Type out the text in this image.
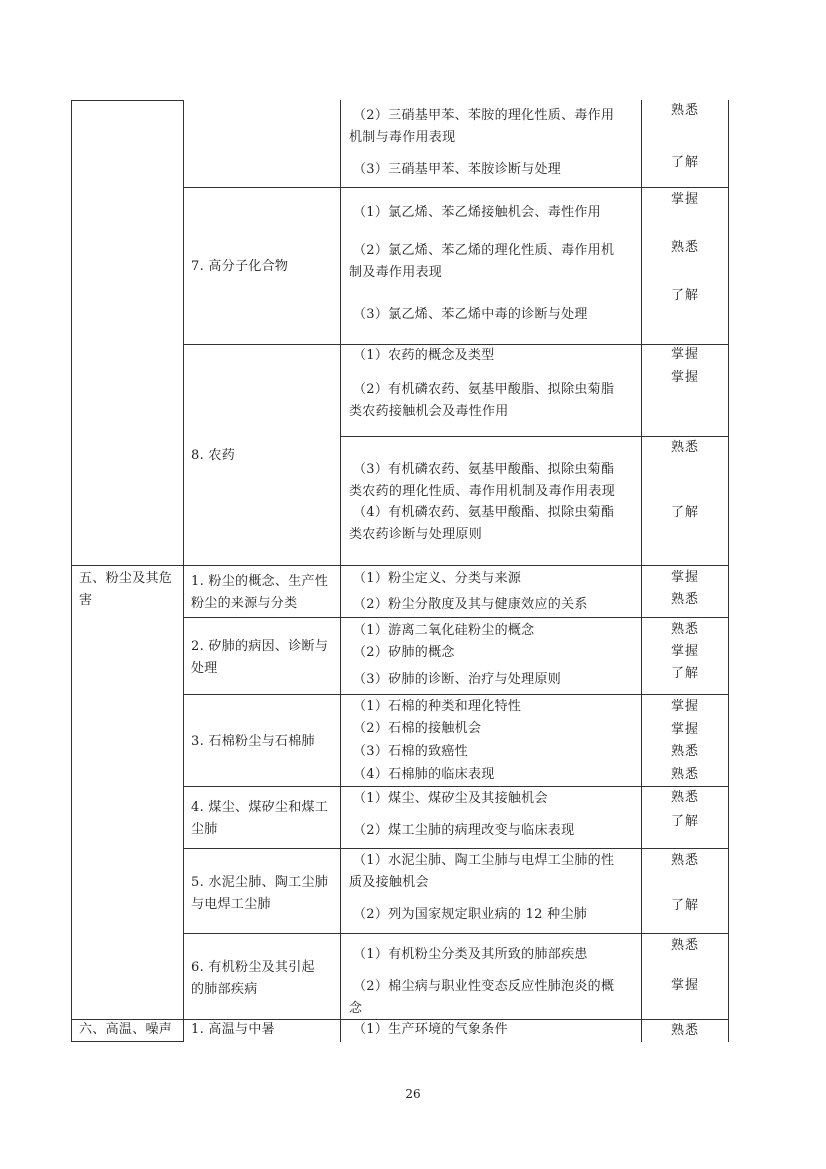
（2）三硝基甲苯、苯胺的理化性质、毒作用
机制与毒作用表现
（3）三硝基甲苯、苯胺诊断与处理
熟悉
了解
7. 高分子化合物
（1）氯乙烯、苯乙烯接触机会、毒性作用
（2）氯乙烯、苯乙烯的理化性质、毒作用机
制及毒作用表现
（3）氯乙烯、苯乙烯中毒的诊断与处理
掌握
熟悉
了解
8. 农药
（1）农药的概念及类型
（2）有机磷农药、氨基甲酸脂、拟除虫菊脂
类农药接触机会及毒性作用
掌握
掌握
（3）有机磷农药、氨基甲酸酯、拟除虫菊酯
类农药的理化性质、毒作用机制及毒作用表现
（4）有机磷农药、氨基甲酸酯、拟除虫菊酯
类农药诊断与处理原则
熟悉
了解
五、粉尘及其危
害
1. 粉尘的概念、生产性
粉尘的来源与分类
（1）粉尘定义、分类与来源
（2）粉尘分散度及其与健康效应的关系
掌握
熟悉
2. 矽肺的病因、诊断与
处理
（1）游离二氧化硅粉尘的概念
（2）矽肺的概念
（3）矽肺的诊断、治疗与处理原则
熟悉
掌握
了解
3. 石棉粉尘与石棉肺
（1）石棉的种类和理化特性
（2）石棉的接触机会
（3）石棉的致癌性
（4）石棉肺的临床表现
掌握
掌握
熟悉
熟悉
4. 煤尘、煤矽尘和煤工
尘肺
（1）煤尘、煤矽尘及其接触机会
（2）煤工尘肺的病理改变与临床表现
熟悉
了解
5. 水泥尘肺、陶工尘肺
与电焊工尘肺
（1）水泥尘肺、陶工尘肺与电焊工尘肺的性
质及接触机会
（2）列为国家规定职业病的 12 种尘肺
熟悉
了解
6. 有机粉尘及其引起
的肺部疾病
（1）有机粉尘分类及其所致的肺部疾患
（2）棉尘病与职业性变态反应性肺泡炎的概
念
熟悉
掌握
六、高温、噪声 1. 高温与中暑	（1）生产环境的气象条件	熟悉
26
